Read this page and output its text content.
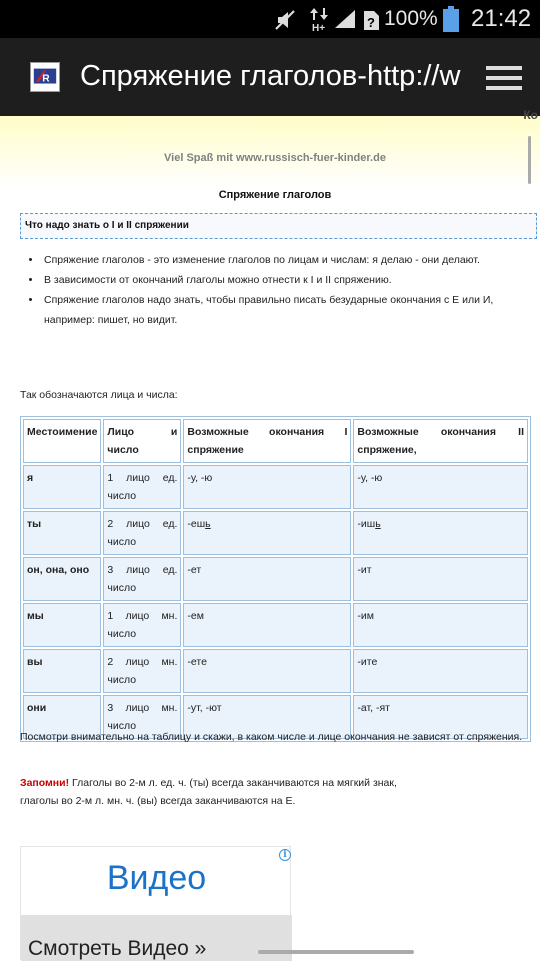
H+	? 100% 21:42
R Спряжение глаголов-http://w
Ко
Viel Spaß mit www.russisch-fuer-kinder.de
Спряжение глаголов
Что надо знать о I и II спряжении
• Спряжение глаголов - это изменение глаголов по лицам и числам: я делаю - они делают.
• В зависимости от окончаний глаголы можно отнести к I и II спряжению.
• Спряжение глаголов надо знать, чтобы правильно писать безударные окончания с Е или И, например: пишет, но видит.
Так обозначаются лица и числа:
Местоимение	Лицо и число	Возможные окончания I спряжение	Возможные окончания II спряжение,
я	1 лицо ед. число	-у, -ю	-у, -ю
ты	2 лицо ед. число	-ешь	-ишь
он, она, оно	3 лицо ед. число	-ет	-ит
мы	1 лицо мн. число	-ем	-им
вы	2 лицо мн. число	-ете	-ите
они	3 лицо мн. число	-ут, -ют	-ат, -ят
Посмотри внимательно на таблицу и скажи, в каком числе и лице окончания не зависят от спряжения.
Запомни! Глаголы во 2-м л. ед. ч. (ты) всегда заканчиваются на мягкий знак,
глаголы во 2-м л. мн. ч. (вы) всегда заканчиваются на Е.
i
Видео
Смотреть Видео »
